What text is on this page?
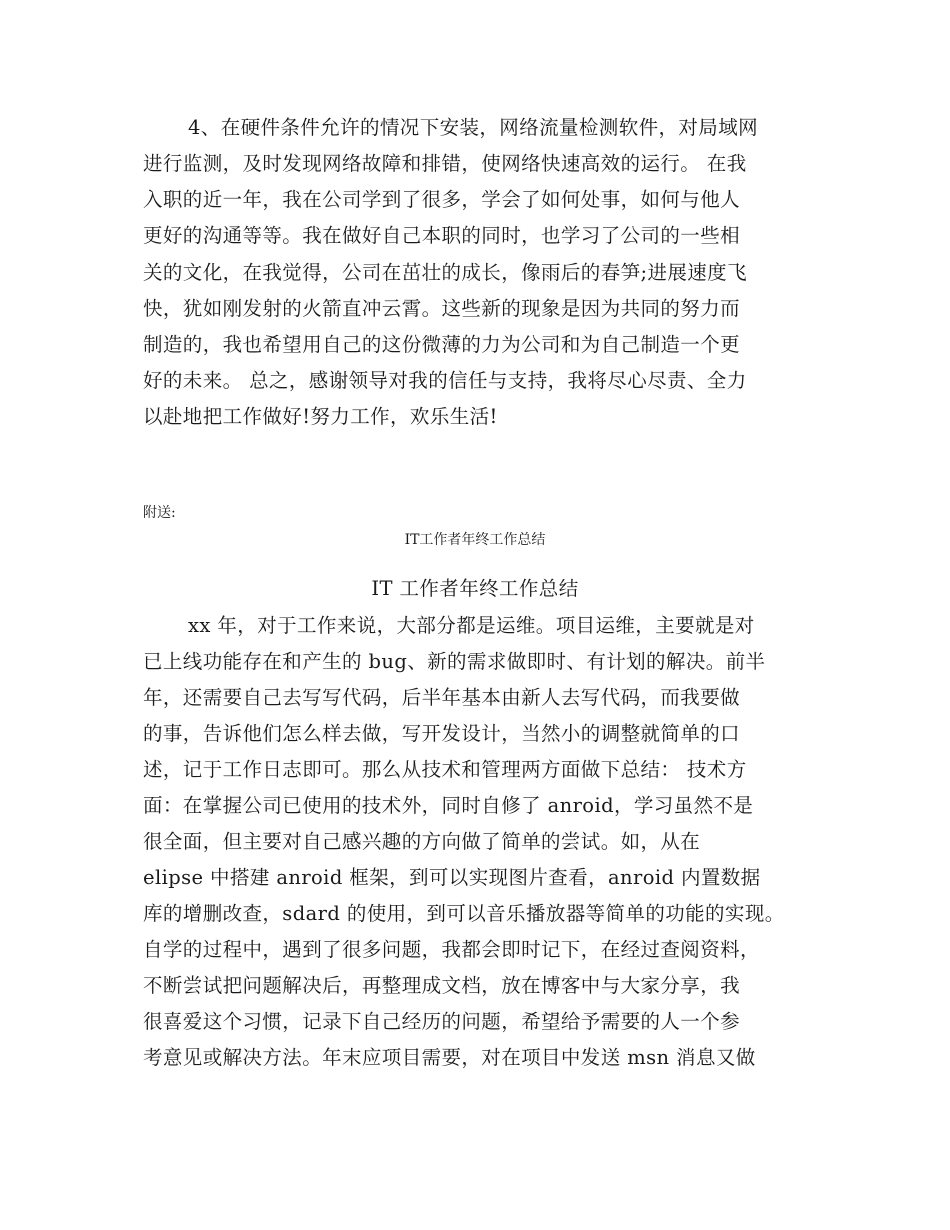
4、在硬件条件允许的情况下安装，网络流量检测软件，对局域网
进行监测，及时发现网络故障和排错，使网络快速高效的运行。 在我
入职的近一年，我在公司学到了很多，学会了如何处事，如何与他人
更好的沟通等等。我在做好自己本职的同时，也学习了公司的一些相
关的文化，在我觉得，公司在茁壮的成长，像雨后的春笋;进展速度飞
快，犹如刚发射的火箭直冲云霄。这些新的现象是因为共同的努力而
制造的，我也希望用自己的这份微薄的力为公司和为自己制造一个更
好的未来。 总之，感谢领导对我的信任与支持，我将尽心尽责、全力
以赴地把工作做好!努力工作，欢乐生活!
附送:
IT工作者年终工作总结
IT 工作者年终工作总结
xx 年，对于工作来说，大部分都是运维。项目运维，主要就是对
已上线功能存在和产生的 bug、新的需求做即时、有计划的解决。前半
年，还需要自己去写写代码，后半年基本由新人去写代码，而我要做
的事，告诉他们怎么样去做，写开发设计，当然小的调整就简单的口
述，记于工作日志即可。那么从技术和管理两方面做下总结： 技术方
面：在掌握公司已使用的技术外，同时自修了 anroid，学习虽然不是
很全面，但主要对自己感兴趣的方向做了简单的尝试。如，从在
elipse 中搭建 anroid 框架，到可以实现图片查看，anroid 内置数据
库的增删改查，sdard 的使用，到可以音乐播放器等简单的功能的实现。
自学的过程中，遇到了很多问题，我都会即时记下，在经过查阅资料，
不断尝试把问题解决后，再整理成文档，放在博客中与大家分享，我
很喜爱这个习惯，记录下自己经历的问题，希望给予需要的人一个参
考意见或解决方法。年末应项目需要，对在项目中发送 msn 消息又做
